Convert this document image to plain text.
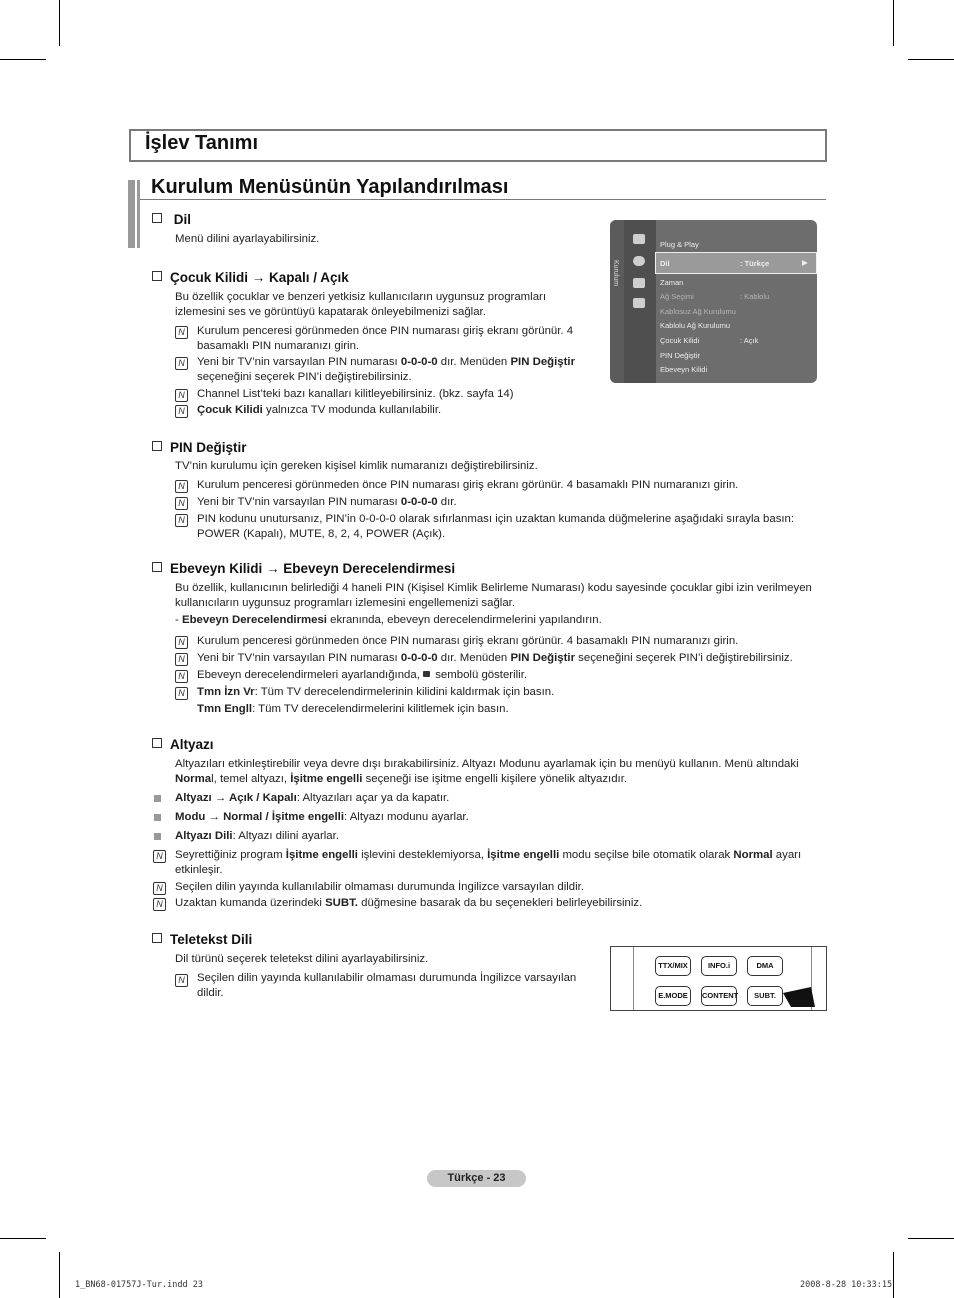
İşlev Tanımı
Kurulum Menüsünün Yapılandırılması
Dil
Menü dilini ayarlayabilirsiniz.
Çocuk Kilidi → Kapalı / Açık
Bu özellik çocuklar ve benzeri yetkisiz kullanıcıların uygunsuz programları
izlemesini ses ve görüntüyü kapatarak önleyebilmenizi sağlar.
N Kurulum penceresi görünmeden önce PIN numarası giriş ekranı görünür. 4
basamaklı PIN numaranızı girin.
N Yeni bir TV’nin varsayılan PIN numarası 0-0-0-0 dır. Menüden PIN Değiştir
seçeneğini seçerek PIN’i değiştirebilirsiniz.
N Channel List’teki bazı kanalları kilitleyebilirsiniz. (bkz. sayfa 14)
N Çocuk Kilidi yalnızca TV modunda kullanılabilir.
Kurulum
Plug & Play
Dil	: Türkçe	▶
Zaman
Ağ Seçimi	: Kablolu
Kablosuz Ağ Kurulumu
Kablolu Ağ Kurulumu
Çocuk Kilidi	: Açık
PIN Değiştir
Ebeveyn Kilidi
PIN Değiştir
TV’nin kurulumu için gereken kişisel kimlik numaranızı değiştirebilirsiniz.
N Kurulum penceresi görünmeden önce PIN numarası giriş ekranı görünür. 4 basamaklı PIN numaranızı girin.
N Yeni bir TV’nin varsayılan PIN numarası 0-0-0-0 dır.
N PIN kodunu unutursanız, PIN’in 0-0-0-0 olarak sıfırlanması için uzaktan kumanda düğmelerine aşağıdaki sırayla basın:
POWER (Kapalı), MUTE, 8, 2, 4, POWER (Açık).
Ebeveyn Kilidi → Ebeveyn Derecelendirmesi
Bu özellik, kullanıcının belirlediği 4 haneli PIN (Kişisel Kimlik Belirleme Numarası) kodu sayesinde çocuklar gibi izin verilmeyen
kullanıcıların uygunsuz programları izlemesini engellemenizi sağlar.
- Ebeveyn Derecelendirmesi ekranında, ebeveyn derecelendirmelerini yapılandırın.
N Kurulum penceresi görünmeden önce PIN numarası giriş ekranı görünür. 4 basamaklı PIN numaranızı girin.
N Yeni bir TV’nin varsayılan PIN numarası 0-0-0-0 dır. Menüden PIN Değiştir seçeneğini seçerek PIN’i değiştirebilirsiniz.
N Ebeveyn derecelendirmeleri ayarlandığında,  sembolü gösterilir.
N Tmn İzn Vr: Tüm TV derecelendirmelerinin kilidini kaldırmak için basın.
Tmn Engll: Tüm TV derecelendirmelerini kilitlemek için basın.
Altyazı
Altyazıları etkinleştirebilir veya devre dışı bırakabilirsiniz. Altyazı Modunu ayarlamak için bu menüyü kullanın. Menü altındaki
Normal, temel altyazı, İşitme engelli seçeneği ise işitme engelli kişilere yönelik altyazıdır.
Altyazı → Açık / Kapalı: Altyazıları açar ya da kapatır.
Modu → Normal / İşitme engelli: Altyazı modunu ayarlar.
Altyazı Dili: Altyazı dilini ayarlar.
N Seyrettiğiniz program İşitme engelli işlevini desteklemiyorsa, İşitme engelli modu seçilse bile otomatik olarak Normal ayarı
etkinleşir.
N Seçilen dilin yayında kullanılabilir olmaması durumunda İngilizce varsayılan dildir.
N Uzaktan kumanda üzerindeki SUBT. düğmesine basarak da bu seçenekleri belirleyebilirsiniz.
Teletekst Dili
Dil türünü seçerek teletekst dilini ayarlayabilirsiniz.
N Seçilen dilin yayında kullanılabilir olmaması durumunda İngilizce varsayılan
dildir.
TTX/MIX	INFO.i	DMA
E.MODE	CONTENT	SUBT.
Türkçe - 23
1_BN68-01757J-Tur.indd 23	2008-8-28 10:33:15
